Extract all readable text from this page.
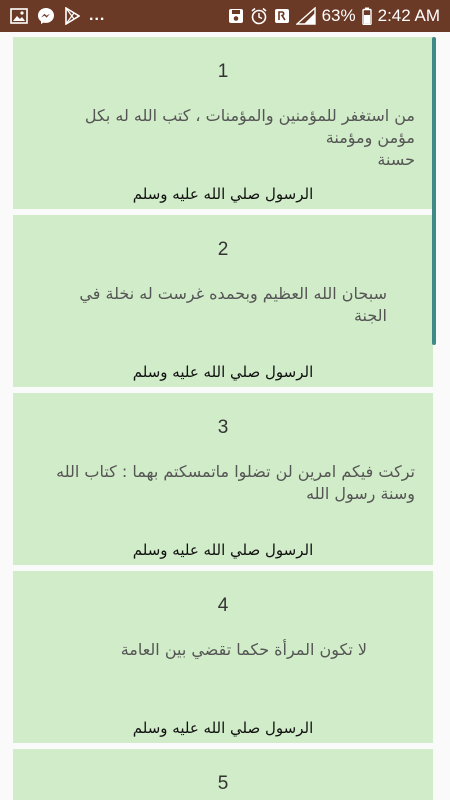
...	63% 2:42 AM
1
من استغفر للمؤمنين والمؤمنات ، كتب الله له بكل مؤمن ومؤمنة
حسنة
الرسول صلي الله عليه وسلم
2
سبحان الله العظيم وبحمده غرست له نخلة في الجنة
الرسول صلي الله عليه وسلم
3
تركت فيكم امرين لن تضلوا ماتمسكتم بهما : كتاب الله وسنة رسول الله
الرسول صلي الله عليه وسلم
4
لا تكون المرأة حكما تقضي بين العامة
الرسول صلي الله عليه وسلم
5
